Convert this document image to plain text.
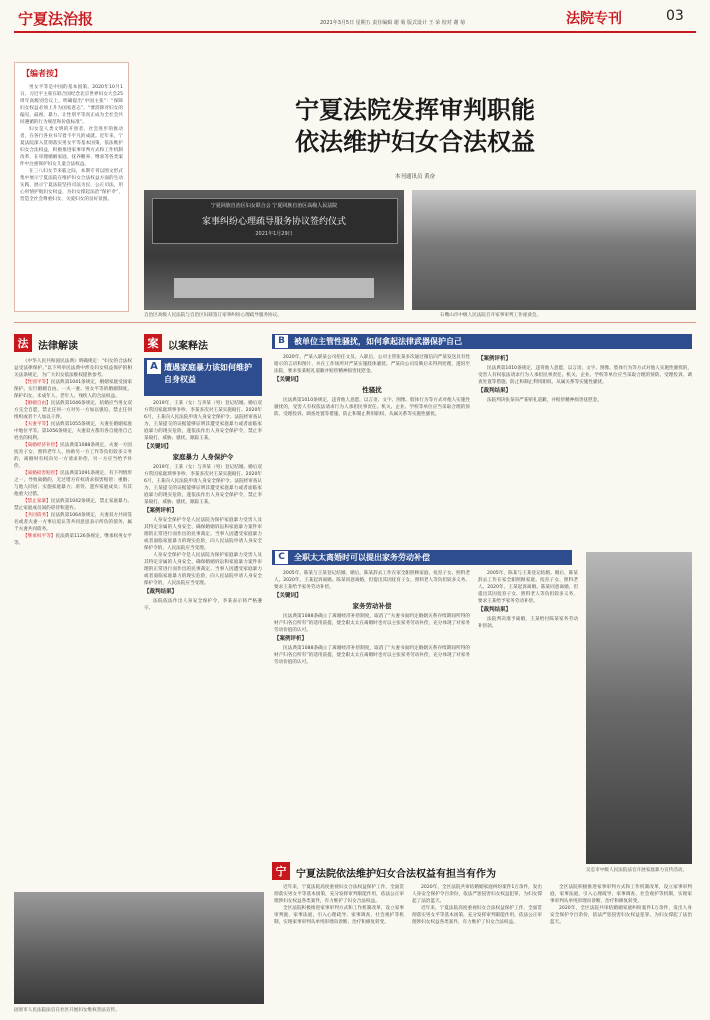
宁夏法治报	2021年3月5日 星期五 责任编辑 谢 菊 版式设计 王 荣 校对 谢 菊	法院专刊	03
【编者按】

男女平等是中国的基本国策。2020年10月1日，习近平主席在联合国纪念北京世界妇女大会25周年高级别会议上，明确提出“中国主张”：“保障妇女权益必须上升为国家意志”，“要消除对妇女的偏见、歧视、暴力，让性别平等真正成为全社会共同遵循的行为规范和价值标准”。

妇女是人类文明的开创者、社会进步的推动者，在各行各业书写着不平凡的成就。近年来，宁夏法院深入贯彻落实男女平等基本国策，依法维护妇女合法权益，积极推进家事审判方式和工作机制改革，在审理婚姻家庭、抚养赡养、继承等各类案件中注重保护妇女儿童合法权益。

在三八妇女节来临之际，本期专刊以图文形式集中展示宁夏法院在维护妇女合法权益方面的生动实践，展示宁夏法院坚持司法为民、公正司法，用心用情护航妇女权益，为妇女撑起法治“保护伞”，营造全社会尊重妇女、关爱妇女的良好氛围。

宁夏法院发挥审判职能
依法维护妇女合法权益
本刊通讯员 黄奋
宁夏回族自治区妇女联合会 宁夏回族自治区高级人民法院
家事纠纷心理疏导服务协议签约仪式
2021年1月29日
自治区高级人民法院与自治区妇联签订家事纠纷心理疏导服务协议。	石嘴山市中级人民法院召开家事审判工作座谈会。
法 法律解读

《中华人民共和国民法典》明确规定：“妇女的合法权益受法律保护。”以下列举民法典中涉及妇女权益保护的相关法条规定，为广大妇女依法维权提供参考。

【性别平等】民法典第1041条规定，婚姻家庭受国家保护。实行婚姻自由、一夫一妻、男女平等的婚姻制度。保护妇女、未成年人、老年人、残疾人的合法权益。

【婚姻自由】民法典第1046条规定，结婚应当男女双方完全自愿，禁止任何一方对另一方加以强迫，禁止任何组织或者个人加以干涉。

【夫妻平等】民法典第1055条规定，夫妻在婚姻家庭中地位平等。第1056条规定，夫妻双方都有各自使用自己姓名的权利。

【离婚经济补偿】民法典第1088条规定，夫妻一方因抚育子女、照料老年人、协助另一方工作等负担较多义务的，离婚时有权向另一方请求补偿，另一方应当给予补偿。

【离婚损害赔偿】民法典第1091条规定，有下列情形之一，导致离婚的，无过错方有权请求损害赔偿：重婚；与他人同居；实施家庭暴力；虐待、遗弃家庭成员；有其他重大过错。

【禁止家暴】民法典第1042条规定，禁止家庭暴力。禁止家庭成员间的虐待和遗弃。

【共同债务】民法典第1064条规定，夫妻双方共同签名或者夫妻一方事后追认等共同意思表示所负的债务，属于夫妻共同债务。

【继承权平等】民法典第1126条规定，继承权男女平等。

案 以案释法
A 遭遇家庭暴力该如何维护自身权益

2019年，王某（女）与李某（男）登记结婚。婚后双方常因家庭琐事争吵，李某多次对王某实施殴打。2020年6月，王某向人民法院申请人身安全保护令。法院经审查认为，王某提交的证据能够证明其遭受家庭暴力或者面临家庭暴力的现实危险，遂依法作出人身安全保护令，禁止李某殴打、威胁、骚扰、跟踪王某。

【关键词】
家庭暴力 人身保护令

2019年，王某（女）与李某（男）登记结婚。婚后双方常因家庭琐事争吵，李某多次对王某实施殴打。2020年6月，王某向人民法院申请人身安全保护令。法院经审查认为，王某提交的证据能够证明其遭受家庭暴力或者面临家庭暴力的现实危险，遂依法作出人身安全保护令，禁止李某殴打、威胁、骚扰、跟踪王某。

【案例评析】

人身安全保护令是人民法院为保护家庭暴力受害人及其特定亲属的人身安全、确保婚姻诉讼和家庭暴力案件审理的正常进行而作出的民事裁定。当事人因遭受家庭暴力或者面临家庭暴力的现实危险，向人民法院申请人身安全保护令的，人民法院应当受理。

人身安全保护令是人民法院为保护家庭暴力受害人及其特定亲属的人身安全、确保婚姻诉讼和家庭暴力案件审理的正常进行而作出的民事裁定。当事人因遭受家庭暴力或者面临家庭暴力的现实危险，向人民法院申请人身安全保护令的，人民法院应当受理。

【裁判结果】

法院依法作出人身安全保护令，李某表示将严格遵守。

B	被单位主管性骚扰，如何拿起法律武器保护自己

2020年，严某入职某公司担任文员。入职后，公司主管张某多次通过微信向严某发送具有性暗示的言语和图片，并在工作场所对严某实施肢体骚扰。严某向公司反映后未得到处理，遂诉至法院，要求张某赔礼道歉并赔偿精神损害抚慰金。

【关键词】
性骚扰

民法典第1010条规定，违背他人意愿，以言语、文字、图像、肢体行为等方式对他人实施性骚扰的，受害人有权依法请求行为人承担民事责任。机关、企业、学校等单位应当采取合理的预防、受理投诉、调查处置等措施，防止和制止利用职权、从属关系等实施性骚扰。

【案例评析】

民法典第1010条规定，违背他人意愿，以言语、文字、图像、肢体行为等方式对他人实施性骚扰的，受害人有权依法请求行为人承担民事责任。机关、企业、学校等单位应当采取合理的预防、受理投诉、调查处置等措施，防止和制止利用职权、从属关系等实施性骚扰。

【裁判结果】

法院判决张某向严某赔礼道歉，并赔偿精神损害抚慰金。

C	全职太太离婚时可以提出家务劳动补偿

2005年，陈某与王某登记结婚。婚后，陈某辞去工作在家全职照顾家庭、抚育子女、照料老人。2020年，王某起诉离婚。陈某同意离婚，但提出其因抚育子女、照料老人等负担较多义务，要求王某给予家务劳动补偿。

【关键词】
家务劳动补偿

民法典第1088条确立了离婚经济补偿制度，取消了“夫妻书面约定婚姻关系存续期间所得的财产归各自所有”的适用前提，使全职太太在离婚时也可以主张家务劳动补偿，充分体现了对家务劳动价值的认可。

【案例评析】

民法典第1088条确立了离婚经济补偿制度，取消了“夫妻书面约定婚姻关系存续期间所得的财产归各自所有”的适用前提，使全职太太在离婚时也可以主张家务劳动补偿，充分体现了对家务劳动价值的认可。

2005年，陈某与王某登记结婚。婚后，陈某辞去工作在家全职照顾家庭、抚育子女、照料老人。2020年，王某起诉离婚。陈某同意离婚，但提出其因抚育子女、照料老人等负担较多义务，要求王某给予家务劳动补偿。

【裁判结果】

法院判决准予离婚，王某给付陈某家务劳动补偿款。

吴忠市中级人民法院法官开展家庭暴力宣传活动。
宁 宁夏法院依法维护妇女合法权益有担当有作为
固原市人民法院法官在社区开展妇女维权普法宣传。

近年来，宁夏法院高度重视妇女合法权益保护工作，全面贯彻落实男女平等基本国策，充分发挥审判职能作用，依法公正审理涉妇女权益各类案件，有力维护了妇女合法权益。

全区法院积极推进家事审判方式和工作机制改革，设立家事审判庭、家事法庭，引入心理疏导、家事调查、社会观护等机制，实现家事审判从单纯审理向诊断、治疗和修复转变。

2020年，全区法院共审结婚姻家庭纠纷案件1万余件，发出人身安全保护令百余份，依法严惩侵害妇女权益犯罪，为妇女撑起了法治蓝天。

近年来，宁夏法院高度重视妇女合法权益保护工作，全面贯彻落实男女平等基本国策，充分发挥审判职能作用，依法公正审理涉妇女权益各类案件，有力维护了妇女合法权益。

全区法院积极推进家事审判方式和工作机制改革，设立家事审判庭、家事法庭，引入心理疏导、家事调查、社会观护等机制，实现家事审判从单纯审理向诊断、治疗和修复转变。

2020年，全区法院共审结婚姻家庭纠纷案件1万余件，发出人身安全保护令百余份，依法严惩侵害妇女权益犯罪，为妇女撑起了法治蓝天。
